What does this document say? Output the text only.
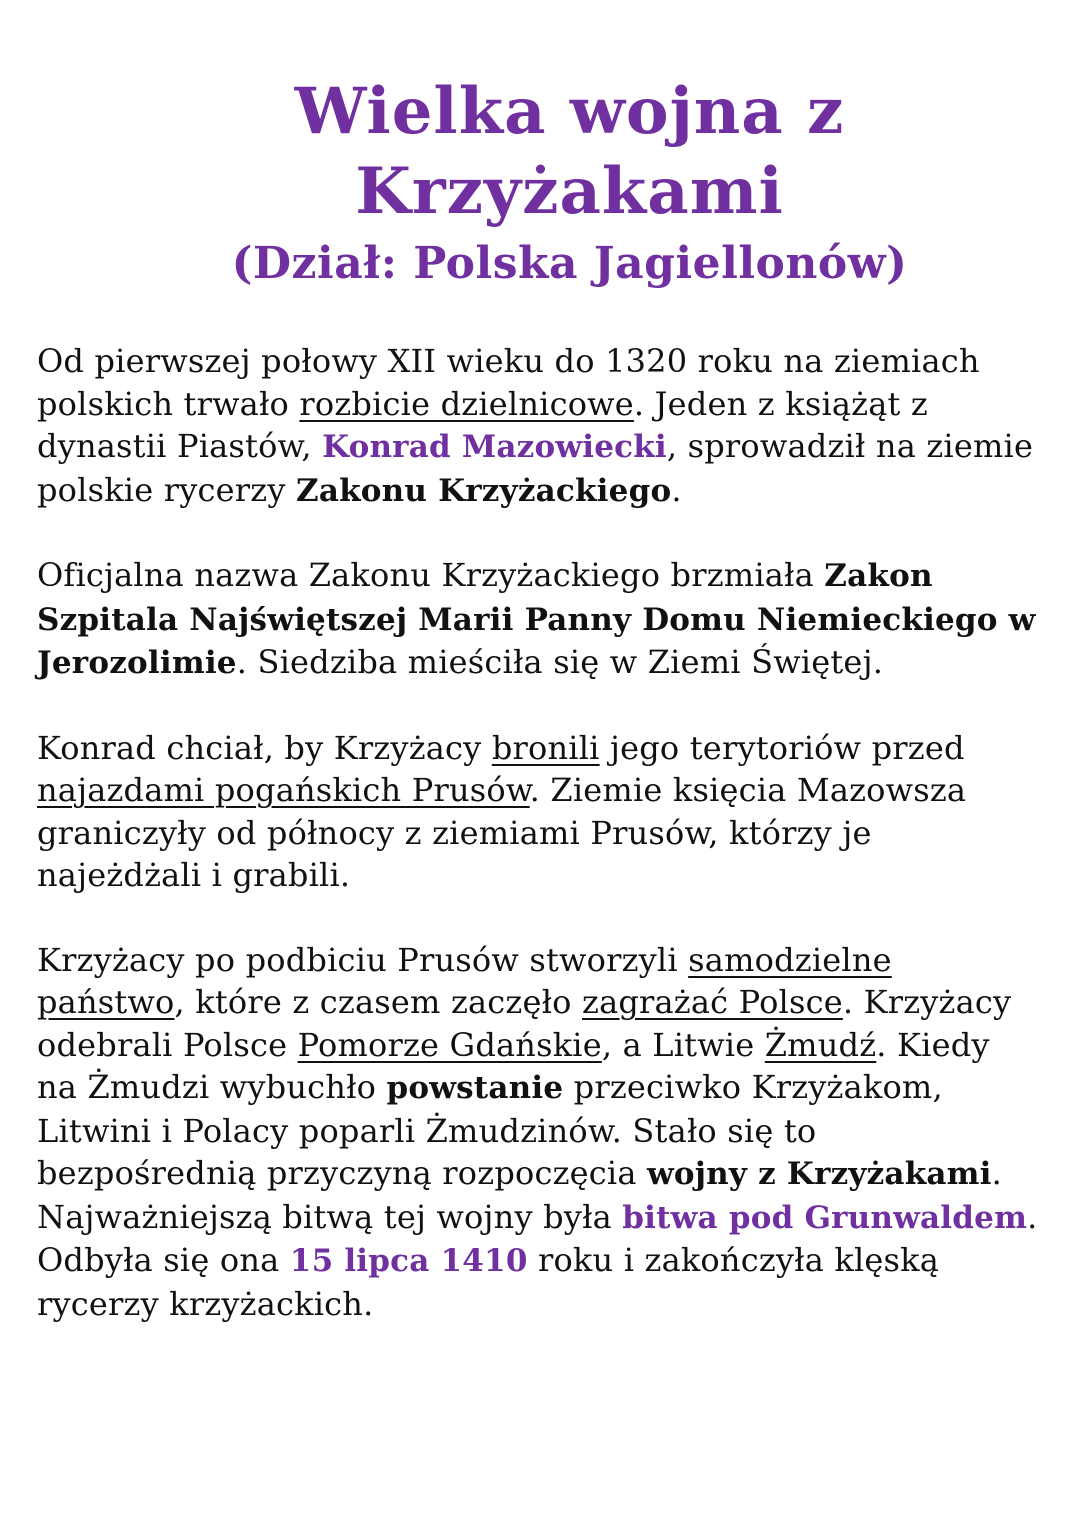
Wielka wojna z
Krzyżakami
(Dział: Polska Jagiellonów)

Od pierwszej połowy XII wieku do 1320 roku na ziemiach polskich trwało rozbicie dzielnicowe. Jeden z książąt z dynastii Piastów, Konrad Mazowiecki, sprowadził na ziemie polskie rycerzy Zakonu Krzyżackiego.

Oficjalna nazwa Zakonu Krzyżackiego brzmiała Zakon Szpitala Najświętszej Marii Panny Domu Niemieckiego w Jerozolimie. Siedziba mieściła się w Ziemi Świętej.

Konrad chciał, by Krzyżacy bronili jego terytoriów przed najazdami pogańskich Prusów. Ziemie księcia Mazowsza graniczyły od północy z ziemiami Prusów, którzy je najeżdżali i grabili.

Krzyżacy po podbiciu Prusów stworzyli samodzielne państwo, które z czasem zaczęło zagrażać Polsce. Krzyżacy odebrali Polsce Pomorze Gdańskie, a Litwie Żmudź. Kiedy na Żmudzi wybuchło powstanie przeciwko Krzyżakom, Litwini i Polacy poparli Żmudzinów. Stało się to bezpośrednią przyczyną rozpoczęcia wojny z Krzyżakami. Najważniejszą bitwą tej wojny była bitwa pod Grunwaldem. Odbyła się ona 15 lipca 1410 roku i zakończyła klęską rycerzy krzyżackich.
